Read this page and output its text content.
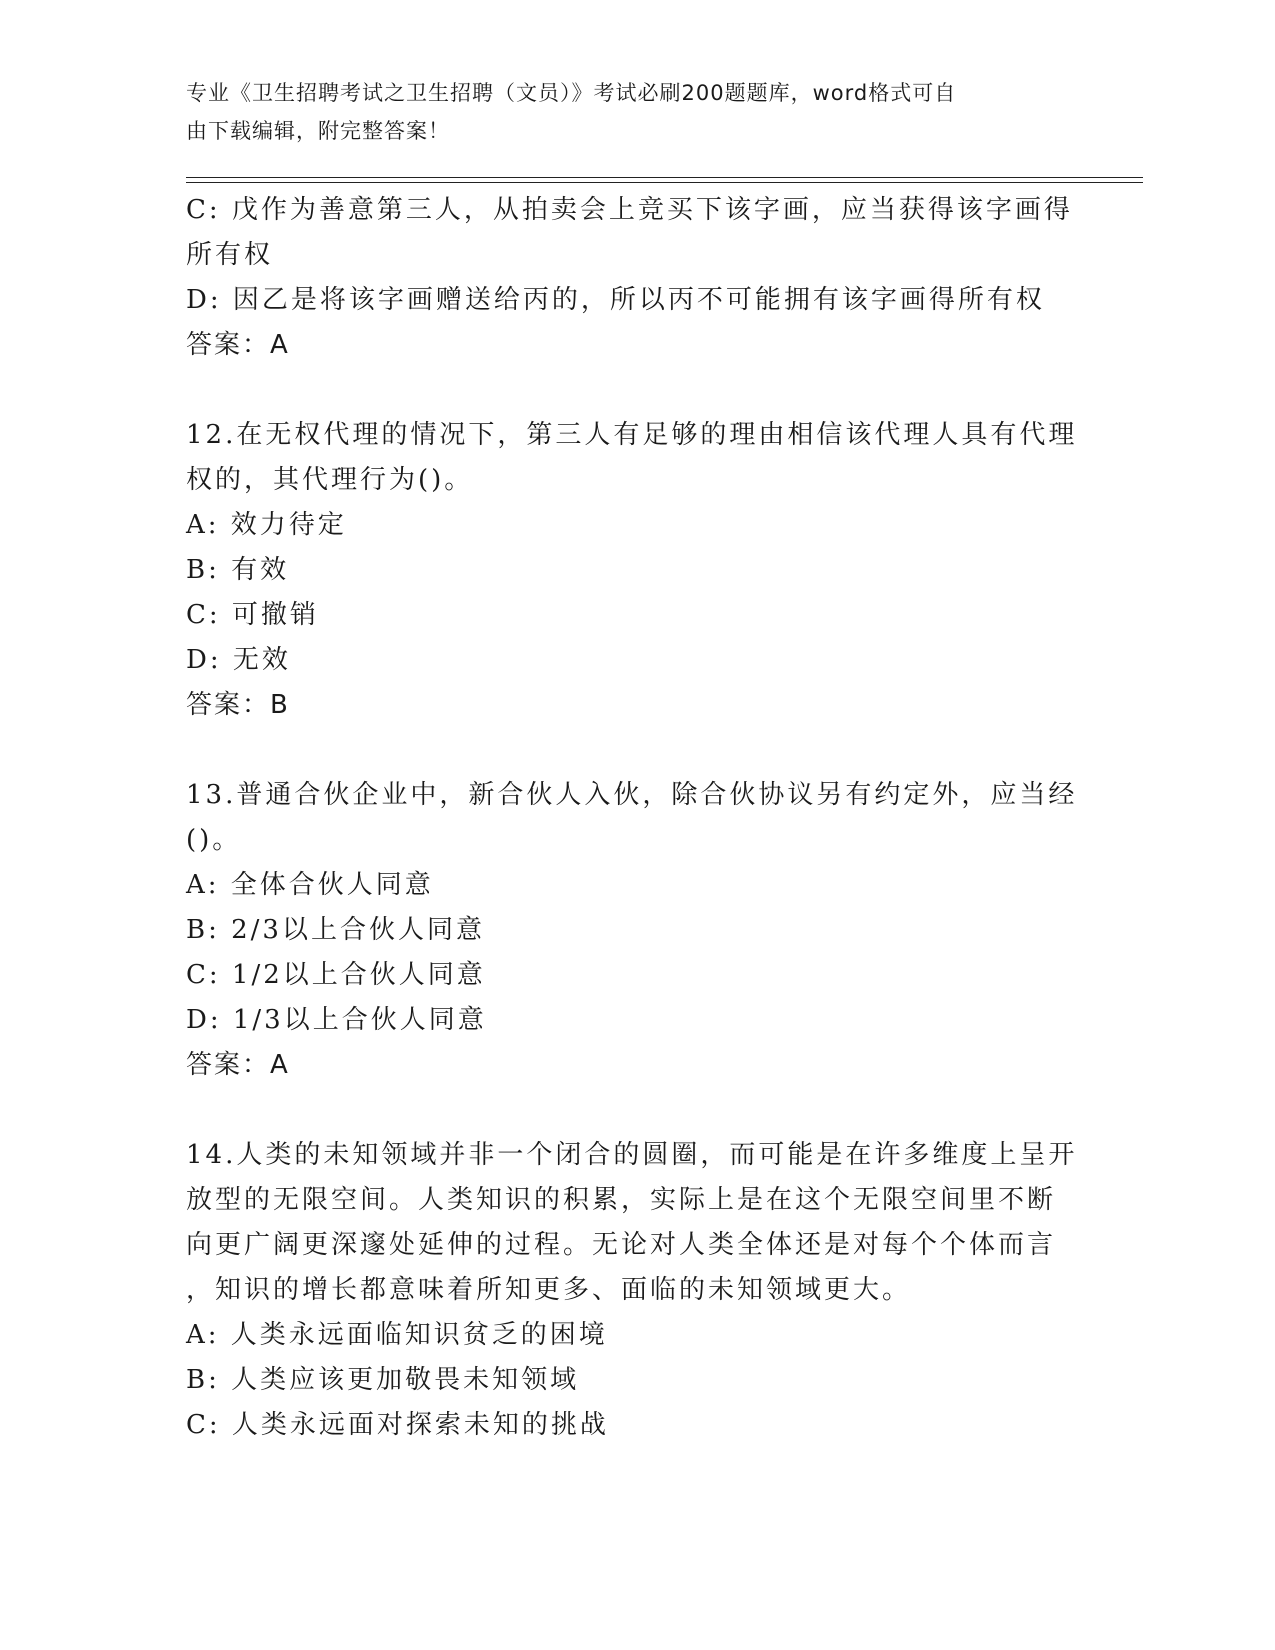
专业《卫生招聘考试之卫生招聘（文员）》考试必刷200题题库，word格式可自
由下载编辑，附完整答案！
C: 戊作为善意第三人，从拍卖会上竞买下该字画，应当获得该字画得
所有权
D: 因乙是将该字画赠送给丙的，所以丙不可能拥有该字画得所有权
答案：A
12.在无权代理的情况下，第三人有足够的理由相信该代理人具有代理
权的，其代理行为()。
A: 效力待定
B: 有效
C: 可撤销
D: 无效
答案：B
13.普通合伙企业中，新合伙人入伙，除合伙协议另有约定外，应当经
()。
A: 全体合伙人同意
B: 2/3以上合伙人同意
C: 1/2以上合伙人同意
D: 1/3以上合伙人同意
答案：A
14.人类的未知领域并非一个闭合的圆圈，而可能是在许多维度上呈开
放型的无限空间。人类知识的积累，实际上是在这个无限空间里不断
向更广阔更深邃处延伸的过程。无论对人类全体还是对每个个体而言
，知识的增长都意味着所知更多、面临的未知领域更大。
A: 人类永远面临知识贫乏的困境
B: 人类应该更加敬畏未知领域
C: 人类永远面对探索未知的挑战
